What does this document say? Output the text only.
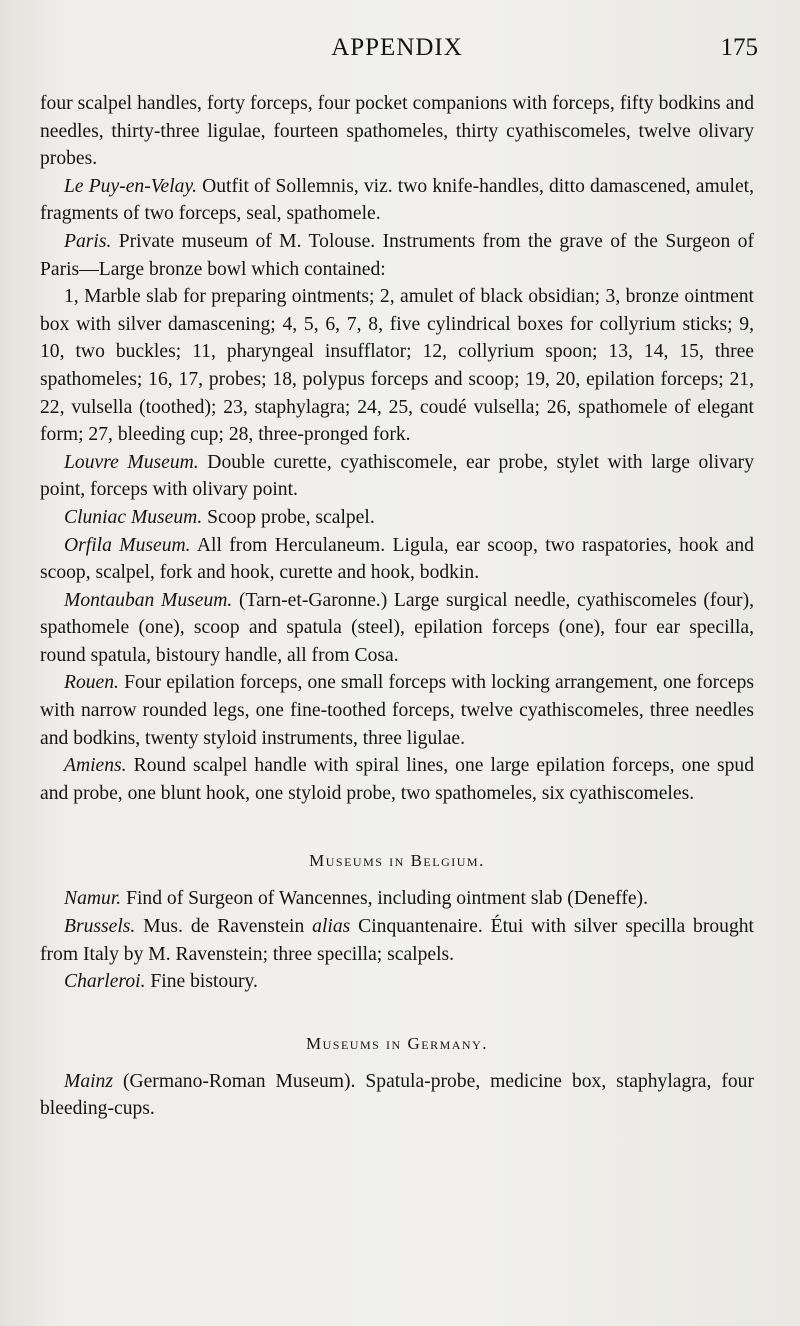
APPENDIX	175

four scalpel handles, forty forceps, four pocket companions with forceps, fifty bodkins and needles, thirty-three ligulae, fourteen spathomeles, thirty cyathiscomeles, twelve olivary probes.

Le Puy-en-Velay. Outfit of Sollemnis, viz. two knife-handles, ditto damascened, amulet, fragments of two forceps, seal, spathomele.

Paris. Private museum of M. Tolouse. Instruments from the grave of the Surgeon of Paris—Large bronze bowl which contained:

1, Marble slab for preparing ointments; 2, amulet of black obsidian; 3, bronze ointment box with silver damascening; 4, 5, 6, 7, 8, five cylindrical boxes for collyrium sticks; 9, 10, two buckles; 11, pharyngeal insufflator; 12, collyrium spoon; 13, 14, 15, three spathomeles; 16, 17, probes; 18, polypus forceps and scoop; 19, 20, epilation forceps; 21, 22, vulsella (toothed); 23, staphylagra; 24, 25, coudé vulsella; 26, spathomele of elegant form; 27, bleeding cup; 28, three-pronged fork.

Louvre Museum. Double curette, cyathiscomele, ear probe, stylet with large olivary point, forceps with olivary point.

Cluniac Museum. Scoop probe, scalpel.

Orfila Museum. All from Herculaneum. Ligula, ear scoop, two raspatories, hook and scoop, scalpel, fork and hook, curette and hook, bodkin.

Montauban Museum. (Tarn-et-Garonne.) Large surgical needle, cyathiscomeles (four), spathomele (one), scoop and spatula (steel), epilation forceps (one), four ear specilla, round spatula, bistoury handle, all from Cosa.

Rouen. Four epilation forceps, one small forceps with locking arrangement, one forceps with narrow rounded legs, one fine-toothed forceps, twelve cyathiscomeles, three needles and bodkins, twenty styloid instruments, three ligulae.

Amiens. Round scalpel handle with spiral lines, one large epilation forceps, one spud and probe, one blunt hook, one styloid probe, two spathomeles, six cyathiscomeles.

Museums in Belgium.

Namur. Find of Surgeon of Wancennes, including ointment slab (Deneffe).

Brussels. Mus. de Ravenstein alias Cinquantenaire. Étui with silver specilla brought from Italy by M. Ravenstein; three specilla; scalpels.

Charleroi. Fine bistoury.

Museums in Germany.

Mainz (Germano-Roman Museum). Spatula-probe, medicine box, staphylagra, four bleeding-cups.
